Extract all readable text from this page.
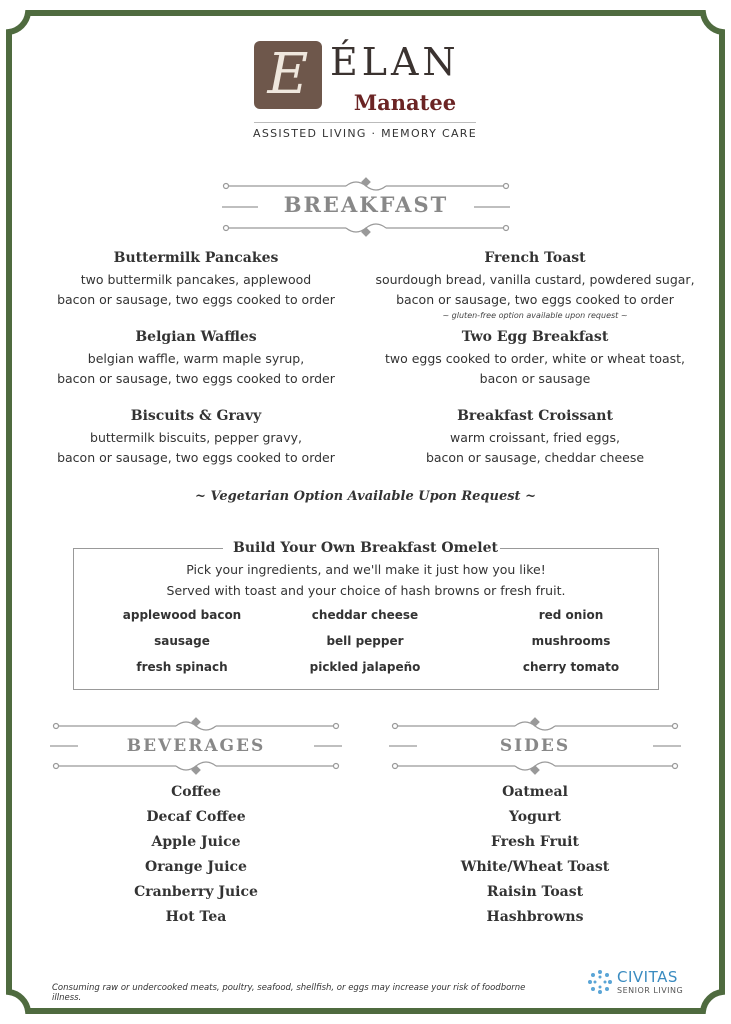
E ÉLAN
Manatee
ASSISTED LIVING · MEMORY CARE
BREAKFAST
Buttermilk Pancakes
two buttermilk pancakes, applewood
bacon or sausage, two eggs cooked to order
Belgian Waffles
belgian waffle, warm maple syrup,
bacon or sausage, two eggs cooked to order
Biscuits & Gravy
buttermilk biscuits, pepper gravy,
bacon or sausage, two eggs cooked to order
French Toast
sourdough bread, vanilla custard, powdered sugar,
bacon or sausage, two eggs cooked to order
~ gluten-free option available upon request ~
Two Egg Breakfast
two eggs cooked to order, white or wheat toast,
bacon or sausage
Breakfast Croissant
warm croissant, fried eggs,
bacon or sausage, cheddar cheese
~ Vegetarian Option Available Upon Request ~
Build Your Own Breakfast Omelet
Pick your ingredients, and we'll make it just how you like!
Served with toast and your choice of hash browns or fresh fruit.
applewood bacon	cheddar cheese	red onion
sausage	bell pepper	mushrooms
fresh spinach	pickled jalapeño	cherry tomato
BEVERAGES	SIDES
Coffee
Decaf Coffee
Apple Juice
Orange Juice
Cranberry Juice
Hot Tea
Oatmeal
Yogurt
Fresh Fruit
White/Wheat Toast
Raisin Toast
Hashbrowns
Consuming raw or undercooked meats, poultry, seafood, shellfish, or eggs may increase your risk of foodborne illness.
CIVITAS
SENIOR LIVING
